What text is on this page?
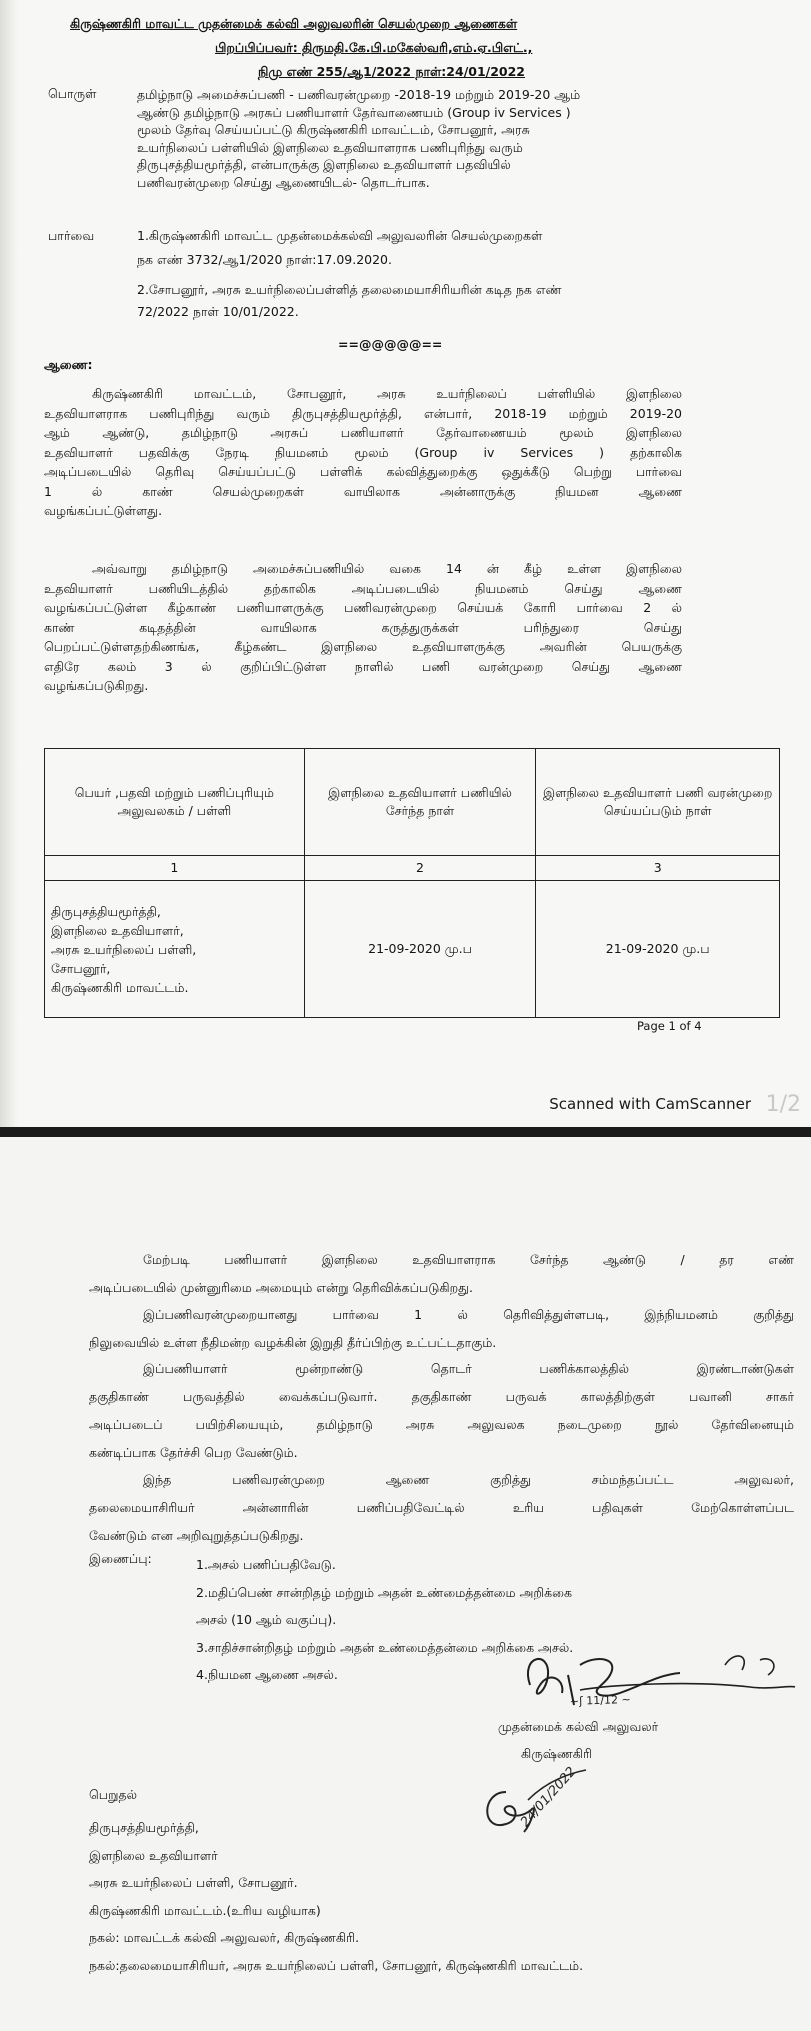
கிருஷ்ணகிரி மாவட்ட முதன்மைக் கல்வி அலுவலரின் செயல்முறை ஆணைகள்
பிறப்பிப்பவர்: திருமதி.கே.பி.மகேஸ்வரி,எம்.ஏ.பிஎட்.,
நிமு எண் 255/ஆ1/2022 நாள்:24/01/2022
பொருள்	தமிழ்நாடு அமைச்சுப்பணி - பணிவரன்முறை -2018-19 மற்றும் 2019-20 ஆம்
ஆண்டு தமிழ்நாடு அரசுப் பணியாளர் தேர்வாணையம் (Group iv Services )
மூலம் தேர்வு செய்யப்பட்டு கிருஷ்ணகிரி மாவட்டம், சோபனூர், அரசு
உயர்நிலைப் பள்ளியில் இளநிலை உதவியாளராக பணிபுரிந்து வரும்
திருபுசத்தியமூர்த்தி, என்பாருக்கு இளநிலை உதவியாளர் பதவியில்
பணிவரன்முறை செய்து ஆணையிடல்- தொடர்பாக.
பார்வை	1.கிருஷ்ணகிரி மாவட்ட முதன்மைக்கல்வி அலுவலரின் செயல்முறைகள்
நக எண் 3732/ஆ1/2020 நாள்:17.09.2020.
2.சோபனூர், அரசு உயர்நிலைப்பள்ளித் தலைமையாசிரியரின் கடித நக எண்
72/2022 நாள் 10/01/2022.
==@@@@@==
ஆணை:
கிருஷ்ணகிரி மாவட்டம், சோபனூர், அரசு உயர்நிலைப் பள்ளியில் இளநிலை
உதவியாளராக பணிபுரிந்து வரும் திருபுசத்தியமூர்த்தி, என்பார், 2018-19 மற்றும் 2019-20
ஆம் ஆண்டு, தமிழ்நாடு அரசுப் பணியாளர் தேர்வாணையம் மூலம் இளநிலை
உதவியாளர் பதவிக்கு நேரடி நியமனம் மூலம் (Group iv Services ) தற்காலிக
அடிப்படையில் தெரிவு செய்யப்பட்டு பள்ளிக் கல்வித்துறைக்கு ஒதுக்கீடு பெற்று பார்வை
1 ல் காண் செயல்முறைகள் வாயிலாக அன்னாருக்கு நியமன ஆணை
வழங்கப்பட்டுள்ளது.
அவ்வாறு தமிழ்நாடு அமைச்சுப்பணியில் வகை 14 ன் கீழ் உள்ள இளநிலை
உதவியாளர் பணியிடத்தில் தற்காலிக அடிப்படையில் நியமனம் செய்து ஆணை
வழங்கப்பட்டுள்ள கீழ்காண் பணியாளருக்கு பணிவரன்முறை செய்யக் கோரி பார்வை 2 ல்
காண் கடிதத்தின் வாயிலாக கருத்துருக்கள் பரிந்துரை செய்து
பெறப்பட்டுள்ளதற்கிணங்க, கீழ்கண்ட இளநிலை உதவியாளருக்கு அவரின் பெயருக்கு
எதிரே கலம் 3 ல் குறிப்பிட்டுள்ள நாளில் பணி வரன்முறை செய்து ஆணை
வழங்கப்படுகிறது.
பெயர் ,பதவி மற்றும் பணிப்புரியும் அலுவலகம் / பள்ளி	இளநிலை உதவியாளர் பணியில் சேர்ந்த நாள்	இளநிலை உதவியாளர் பணி வரன்முறை செய்யப்படும் நாள்
1	2	3

திருபுசத்தியமூர்த்தி,
இளநிலை உதவியாளர்,
அரசு உயர்நிலைப் பள்ளி,
சோபனூர்,
கிருஷ்ணகிரி மாவட்டம்.	21-09-2020 மு.ப	21-09-2020 மு.ப
Page 1 of 4
Scanned with CamScanner 1/2
மேற்படி பணியாளர் இளநிலை உதவியாளராக சேர்ந்த ஆண்டு / தர எண்
அடிப்படையில் முன்னுரிமை அமையும் என்று தெரிவிக்கப்படுகிறது.
இப்பணிவரன்முறையானது பார்வை 1 ல் தெரிவித்துள்ளபடி, இந்நியமனம் குறித்து
நிலுவையில் உள்ள நீதிமன்ற வழக்கின் இறுதி தீர்ப்பிற்கு உட்பட்டதாகும்.
இப்பணியாளர் மூன்றாண்டு தொடர் பணிக்காலத்தில் இரண்டாண்டுகள்
தகுதிகாண் பருவத்தில் வைக்கப்படுவார். தகுதிகாண் பருவக் காலத்திற்குள் பவானி சாகர்
அடிப்படைப் பயிற்சியையும், தமிழ்நாடு அரசு அலுவலக நடைமுறை நூல் தேர்வினையும்
கண்டிப்பாக தேர்ச்சி பெற வேண்டும்.
இந்த பணிவரன்முறை ஆணை குறித்து சம்மந்தப்பட்ட அலுவலர்,
தலைமையாசிரியர் அன்னாரின் பணிப்பதிவேட்டில் உரிய பதிவுகள் மேற்கொள்ளப்பட
வேண்டும் என அறிவுறுத்தப்படுகிறது.
இணைப்பு:	1.அசல் பணிப்பதிவேடு.
2.மதிப்பெண் சான்றிதழ் மற்றும் அதன் உண்மைத்தன்மை அறிக்கை
அசல் (10 ஆம் வகுப்பு).
3.சாதிச்சான்றிதழ் மற்றும் அதன் உண்மைத்தன்மை அறிக்கை அசல்.
4.நியமன ஆணை அசல்.
~ʃ 11/12 ~
முதன்மைக் கல்வி அலுவலர்
கிருஷ்ணகிரி
24/01/2022
பெறுதல்
திருபுசத்தியமூர்த்தி,
இளநிலை உதவியாளர்
அரசு உயர்நிலைப் பள்ளி, சோபனூர்.
கிருஷ்ணகிரி மாவட்டம்.(உரிய வழியாக)
நகல்: மாவட்டக் கல்வி அலுவலர், கிருஷ்ணகிரி.
நகல்:தலைமையாசிரியர், அரசு உயர்நிலைப் பள்ளி, சோபனூர், கிருஷ்ணகிரி மாவட்டம்.
